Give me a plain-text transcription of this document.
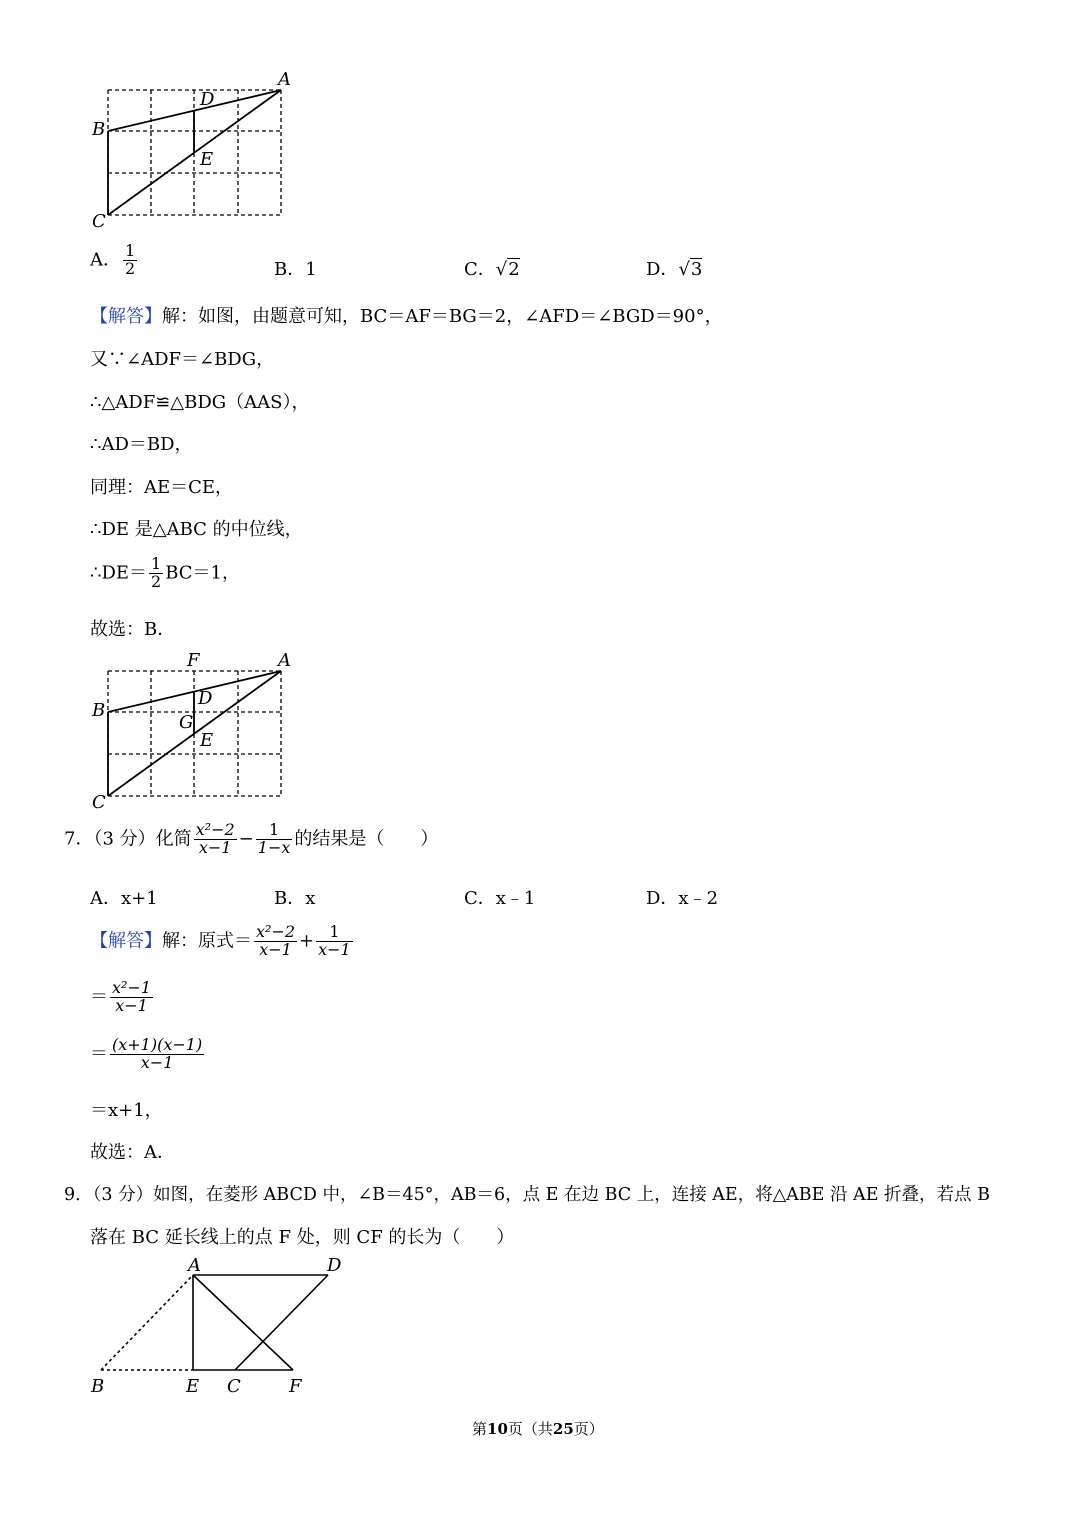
A
B
C
D
E
A． $\frac{1}{2}$	B．1	C．√2	D．√3
【解答】解：如图，由题意可知，BC＝AF＝BG＝2，∠AFD＝∠BGD＝90°，
又∵∠ADF＝∠BDG，
∴△ADF≌△BDG（AAS），
∴AD＝BD，
同理：AE＝CE，
∴DE 是△ABC 的中位线，
∴DE＝ $\frac{1}{2} BC=1$，
故选：B．
A
F
B
C
D
G
E
7．（3 分）化简 $\frac{\text{x²−2}}{x-1} - \frac{1}{1-x}$ 的结果是（　　）
A．x+1	B．x	C．x﹣1	D．x﹣2
【解答】解：原式＝ $\frac{\text{x²−2}}{x-1} + \frac{1}{x-1}$
＝ $\frac{\text{x²−1}}{x-1}$
＝ $\frac{(x+1)(x-1)}{x-1}$
＝x+1，
故选：A．
9．（3 分）如图，在菱形 ABCD 中，∠B＝45°，AB＝6，点 E 在边 BC 上，连接 AE，将△ABE 沿 AE 折叠，若点 B
落在 BC 延长线上的点 F 处，则 CF 的长为（　　）
A	D
B	E C	F
第10页（共25页）
